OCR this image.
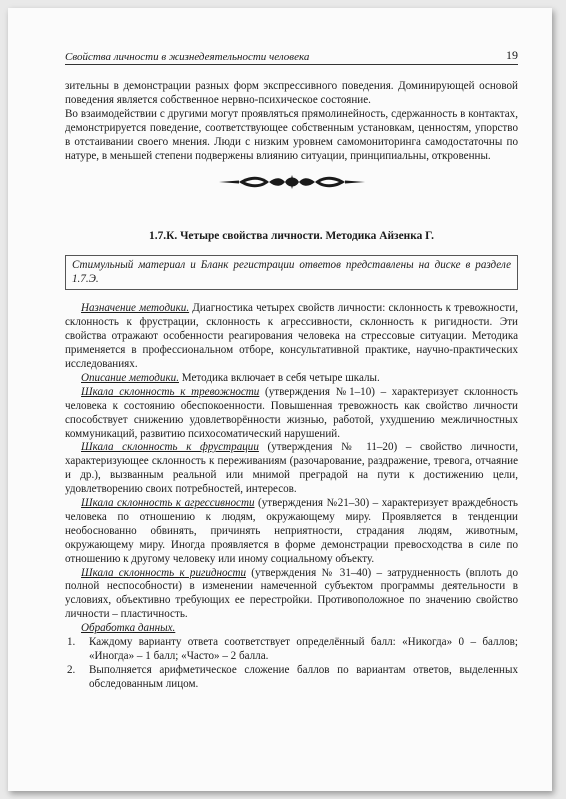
Свойства личности в жизнедеятельности человека	19

зительны в демонстрации разных форм экспрессивного поведения. Доминирующей основой поведения является собственное нервно-психическое состояние.

Во взаимодействии с другими могут проявляться прямолинейность, сдержанность в контактах, демонстрируется поведение, соответствующее собственным установкам, ценностям, упорство в отстаивании своего мнения. Люди с низким уровнем самомониторинга самодостаточны по натуре, в меньшей степени подвержены влиянию ситуации, принципиальны, откровенны.

1.7.К. Четыре свойства личности. Методика Айзенка Г.
Стимульный материал и Бланк регистрации ответов представлены на диске в разделе 1.7.Э.

Назначение методики. Диагностика четырех свойств личности: склонность к тревожности, склонность к фрустрации, склонность к агрессивности, склонность к ригидности. Эти свойства отражают особенности реагирования человека на стрессовые ситуации. Методика применяется в профессиональном отборе, консультативной практике, научно-практических исследованиях.

Описание методики. Методика включает в себя четыре шкалы.

Шкала склонность к тревожности (утверждения №1–10) – характеризует склонность человека к состоянию обеспокоенности. Повышенная тревожность как свойство личности способствует снижению удовлетворённости жизнью, работой, ухудшению межличностных коммуникаций, развитию психосоматический нарушений.

Шкала склонность к фрустрации (утверждения № 11–20) – свойство личности, характеризующее склонность к переживаниям (разочарование, раздражение, тревога, отчаяние и др.), вызванным реальной или мнимой преградой на пути к достижению цели, удовлетворению своих потребностей, интересов.

Шкала склонность к агрессивности (утверждения №21–30) – характеризует враждебность человека по отношению к людям, окружающему миру. Проявляется в тенденции необоснованно обвинять, причинять неприятности, страдания людям, животным, окружающему миру. Иногда проявляется в форме демонстрации превосходства в силе по отношению к другому человеку или иному социальному объекту.

Шкала склонность к ригидности (утверждения № 31–40) – затрудненность (вплоть до полной неспособности) в изменении намеченной субъектом программы деятельности в условиях, объективно требующих ее перестройки. Противоположное по значению свойство личности – пластичность.

Обработка данных.

1.	Каждому варианту ответа соответствует определённый балл: «Никогда» 0 – баллов; «Иногда» – 1 балл; «Часто» – 2 балла.
2.	Выполняется арифметическое сложение баллов по вариантам ответов, выделенных обследованным лицом.
